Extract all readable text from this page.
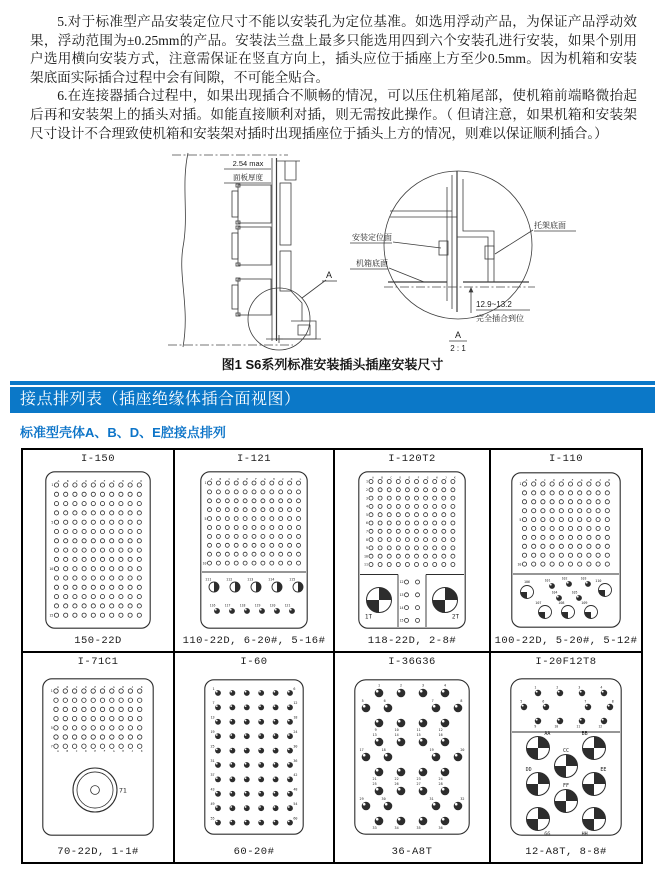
5.对于标准型产品安装定位尺寸不能以安装孔为定位基准。如选用浮动产品，为保证产品浮动效果，浮动范围为±0.25mm的产品。安装法兰盘上最多只能选用四到六个安装孔进行安装，如果个别用户选用横向安装方式，注意需保证在竖直方向上，插头应位于插座上方至少0.5mm。因为机箱和安装架底面实际插合过程中会有间隙，不可能全贴合。

6.在连接器插合过程中，如果出现插合不顺畅的情况，可以压住机箱尾部，使机箱前端略微抬起后再和安装架上的插头对插。如能直接顺利对插，则无需按此操作。（ 但请注意，如果机箱和安装架尺寸设计不合理致使机箱和安装架对插时出现插座位于插头上方的情况，则难以保证顺利插合。）

2.54 max
面板厚度
A
安装定位面
机箱底面
托架底面
12.9~13.2
完全插合到位
A
2 : 1
图1 S6系列标准安装插头插座安装尺寸
接点排列表（插座绝缘体插合面视图）
标准型壳体A、B、D、E腔接点排列
I-150
1
5
10
15
A	B	C	D	E	F	G	H	J	K
150-22D
I-121
1
5
10
A	B	C	D	E	F	G	H	J	K	L
111	112	113	114	115
116	117	118	119	120	121
110-22D, 6-20#, 5-16#
I-120T2
1
2
3
4
5
6
7
8
9
10
11
A	B	C	D	E	F	G	H	J	K
12
13
14
15
1T	2T
118-22D, 2-8#
I-110
1
5
10
A	B	C	D	E	F	G	H	J	K
101	102	103
104	105
106	110
107	108	109
100-22D, 5-20#, 5-12#
I-71C1
1
5
7
A	B	C	D	E	F	G	H	J	K
A	B	C	D	E	F	G	H	J	K
71
70-22D, 1-1#
I-60
1	6
7	12
13	18
19	24
25	30
31	36
37	42
43	48
49	54
55	60
60-20#
I-36G36
1	2	3	4
5	6	7	8
9	10	11	12
13	14	15	16
17	18	19	20
21	22	23	24
25	26	27	28
29	30	31	32
33	34	35	36
36-A8T
I-20F12T8
1	2	3	4
5	6	7	8
9	10	11	12
AA	BB
CC
DD	EE
FF
GG	HH
12-A8T, 8-8#
